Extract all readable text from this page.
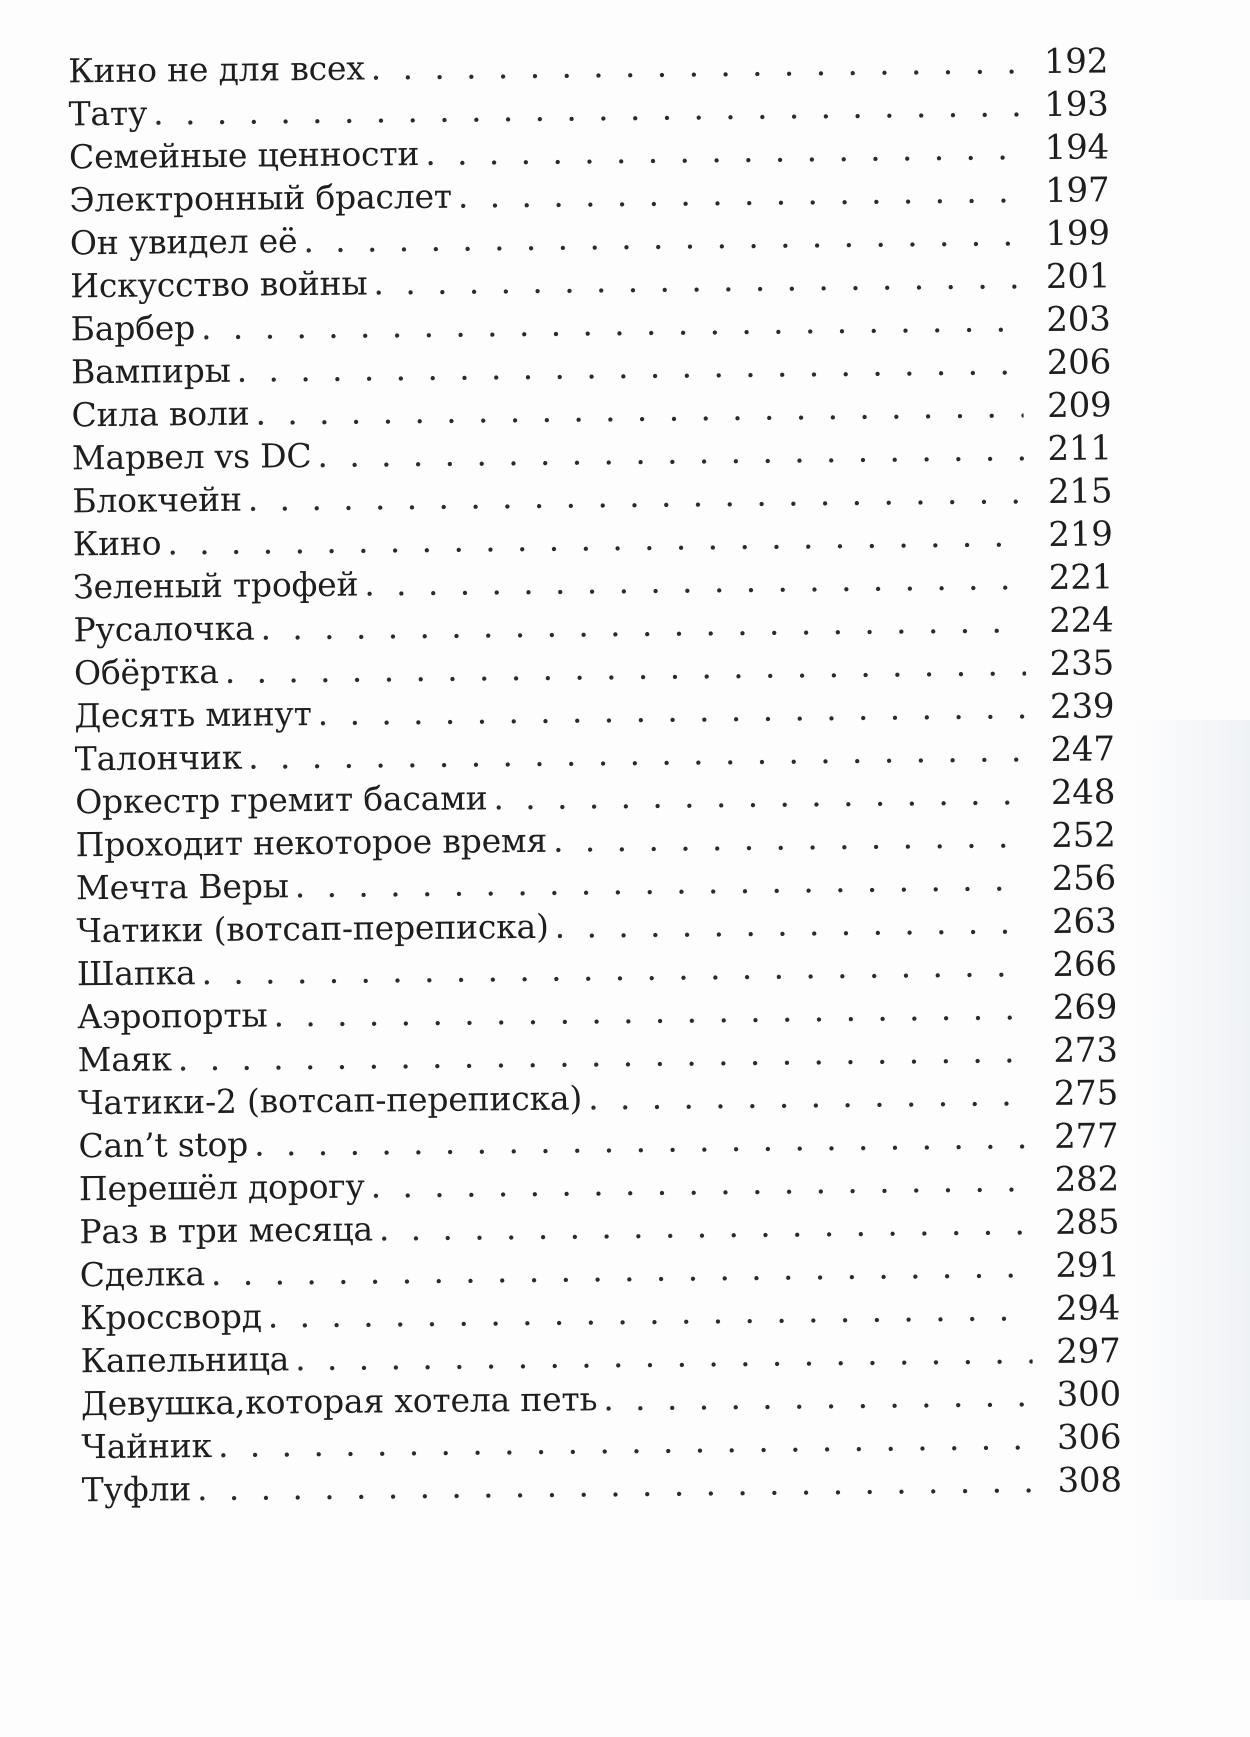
Кино не для всех . . .	192
Тату . . .	193
Семейные ценности . . .	194
Электронный браслет . . .	197
Он увидел её . . .	199
Искусство войны . . .	201
Барбер . . .	203
Вампиры . . .	206
Сила воли . . .	209
Марвел vs DC . . .	211
Блокчейн . . .	215
Кино . . .	219
Зеленый трофей . . .	221
Русалочка . . .	224
Обёртка . . .	235
Десять минут . . .	239
Талончик . . .	247
Оркестр гремит басами . . .	248
Проходит некоторое время . . .	252
Мечта Веры . . .	256
Чатики (вотсап-переписка) . . .	263
Шапка . . .	266
Аэропорты . . .	269
Маяк . . .	273
Чатики-2 (вотсап-переписка) . . .	275
Can’t stop . . .	277
Перешёл дорогу . . .	282
Раз в три месяца . . .	285
Сделка . . .	291
Кроссворд . . .	294
Капельница . . .	297
Девушка,которая хотела петь . . .	300
Чайник . . .	306
Туфли . . .	308
